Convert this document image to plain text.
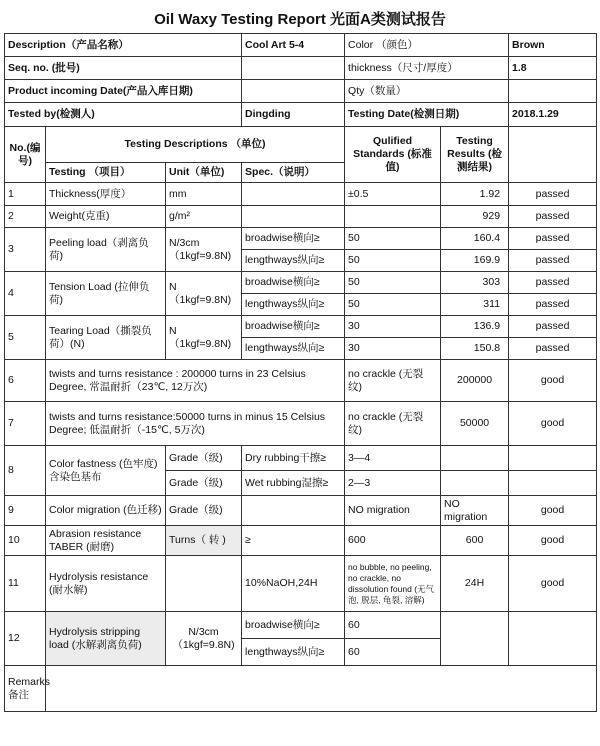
Oil Waxy Testing Report 光面A类测试报告
Description（产品名称）			Cool Art 5-4	Color （颜色）		Brown
Seq. no. (批号)				thickness（尺寸/厚度）		1.8
Product incoming Date(产品入库日期)				Qty（数量）		
Tested by(检测人)			Dingding	Testing Date(检测日期)		2018.1.29
No.(编号)	Testing Descriptions （单位)			Qulified Standards (标准值)	Testing Results (检测结果)	
	Testing （项目）	Unit（单位)	Spec.（说明）			
1	Thickness(厚度）	mm		±0.5	1.92	passed
2	Weight(克重)	g/m²			929	passed
3	Peeling load（剥离负荷)	N/3cm （1kgf=9.8N)	broadwise横向≥	50	160.4	passed
			lengthways纵向≥	50	169.9	passed
4	Tension Load (拉伸负荷)	N （1kgf=9.8N)	broadwise横向≥	50	303	passed
			lengthways纵向≥	50	311	passed
5	Tearing Load（撕裂负荷）(N)	N （1kgf=9.8N)	broadwise横向≥	30	136.9	passed
			lengthways纵向≥	30	150.8	passed
6	twists and turns resistance : 200000 turns in 23 Celsius Degree, 常温耐折（23℃, 12万次)			no crackle (无裂纹)	200000	good
7	twists and turns resistance:50000 turns in minus 15 Celsius Degree; 低温耐折（-15℃, 5万次)			no crackle (无裂纹)	50000	good
8	Color fastness (色牢度) 含染色基布	Grade（级)	Dry rubbing干擦≥	3—4		
		Grade（级)	Wet rubbing湿擦≥	2—3		
9	Color migration (色迁移)	Grade（级)		NO migration	NO migration	good
10	Abrasion resistance TABER (耐磨)	Turns（ 转 )	≥	600	600	good
11	Hydrolysis resistance (耐水解)		10%NaOH,24H	no bubble, no peeling, no crackle, no dissolution found (无气泡, 脱层, 龟裂, 溶解)	24H	good
12	Hydrolysis stripping load (水解剥离负荷)	N/3cm （1kgf=9.8N)	broadwise横向≥	60		
			lengthways纵向≥	60		
Remarks 备注						
